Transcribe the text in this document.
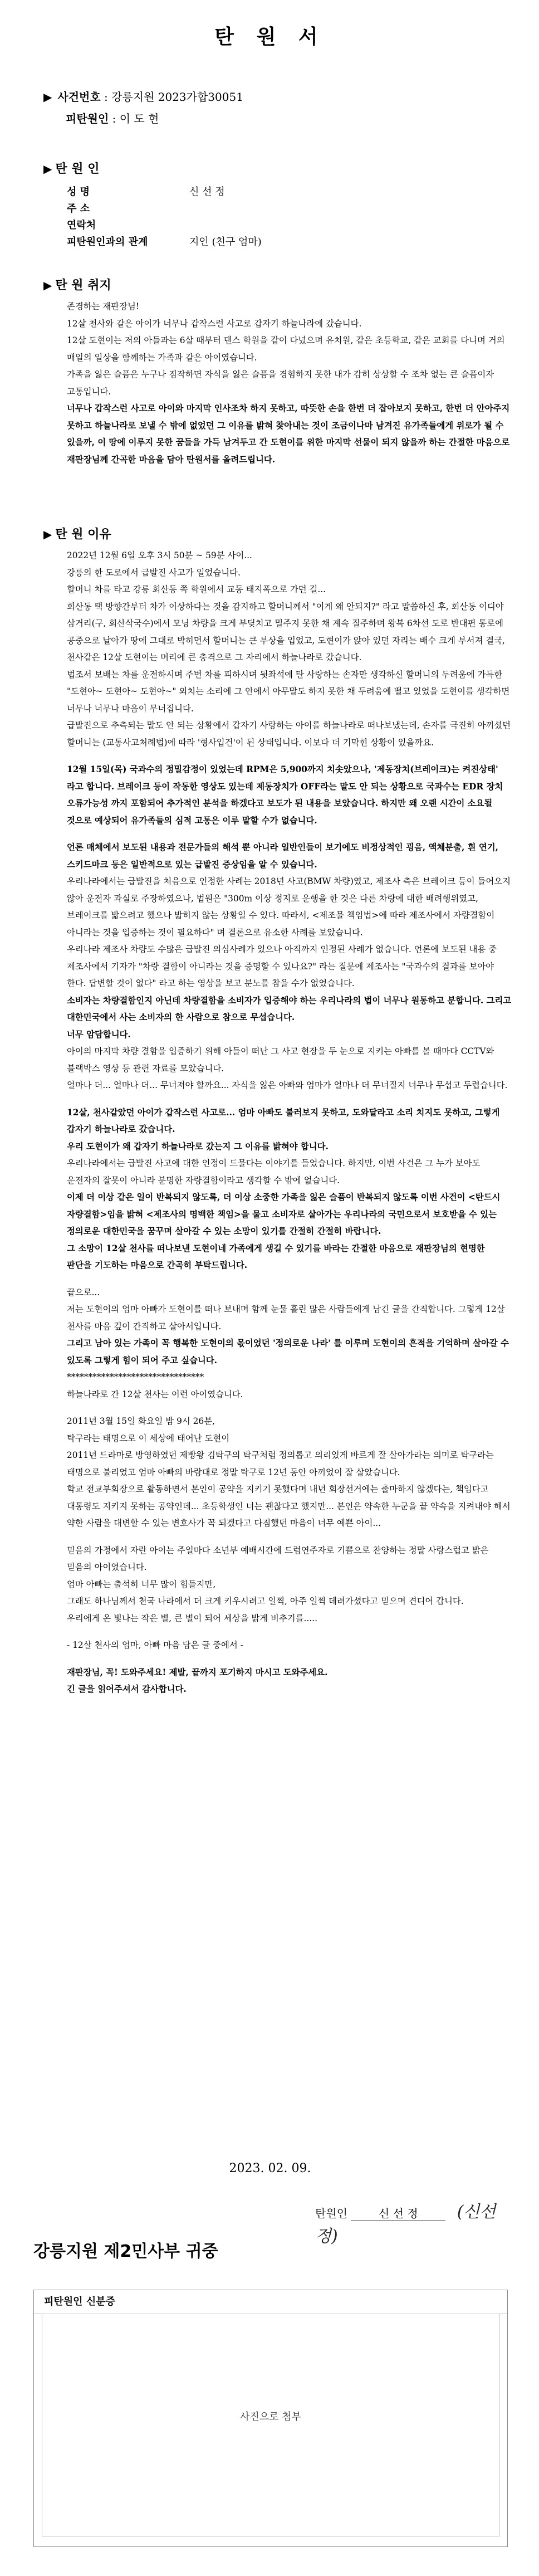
탄 원 서
▶ 사건번호 : 강릉지원 2023가합30051
피탄원인 : 이 도 현
▶ 탄 원 인
성 명	신 선 정
주 소
연락처
피탄원인과의 관계	지인 (친구 엄마)
▶ 탄 원 취지

존경하는 재판장님!
12살 천사와 같은 아이가 너무나 갑작스런 사고로 갑자기 하늘나라에 갔습니다.
12살 도현이는 저의 아들과는 6살 때부터 댄스 학원을 같이 다녔으며 유치원, 같은 초등학교, 같은 교회를 다니며 거의 매일의 일상을 함께하는 가족과 같은 아이였습니다.
가족을 잃은 슬픔은 누구나 짐작하면 자식을 잃은 슬픔을 경험하지 못한 내가 감히 상상할 수 조차 없는 큰 슬픔이자 고통입니다.

너무나 갑작스런 사고로 아이와 마지막 인사조차 하지 못하고, 따뜻한 손을 한번 더 잡아보지 못하고, 한번 더 안아주지 못하고 하늘나라로 보낼 수 밖에 없었던 그 이유를 밝혀 찾아내는 것이 조금이나마 남겨진 유가족들에게 위로가 될 수 있을까, 이 땅에 이루지 못한 꿈들을 가득 남겨두고 간 도현이를 위한 마지막 선물이 되지 않을까 하는 간절한 마음으로 재판장님께 간곡한 마음을 담아 탄원서를 올려드립니다.

▶ 탄 원 이유

2022년 12월 6일 오후 3시 50분 ~ 59분 사이...
강릉의 한 도로에서 급발진 사고가 일었습니다.
할머니 차를 타고 강릉 회산동 쪽 학원에서 교동 태지폭으로 가던 길...
회산동 택 방향간부터 차가 이상하다는 것을 감지하고 할머니께서 "이게 왜 안되지?" 라고 말씀하신 후, 회산동 이디야 삼거리(구, 회산삭국수)에서 모닝 차량을 크게 부딪치고 밀주지 못한 채 계속 질주하며 왕복 6차선 도로 반대편 통로에 공중으로 날아가 땅에 그대로 박히면서 할머니는 큰 부상을 입었고, 도현이가 앉아 있던 자리는 배수 크게 부서져 결국, 천사같은 12살 도현이는 머리에 큰 충격으로 그 자리에서 하늘나라로 갔습니다.
법조서 보배는 차를 운전하시며 주변 차를 피하시며 뒷좌석에 탄 사랑하는 손자만 생각하신 할머니의 두려움에 가득한 "도현아~ 도현아~ 도현아~" 외치는 소리에 그 안에서 아무말도 하지 못한 채 두려움에 떨고 있었을 도현이를 생각하면 너무나 너무나 마음이 무너집니다.
급발진으로 추측되는 말도 안 되는 상황에서 갑자기 사랑하는 아이를 하늘나라로 떠나보냈는데, 손자를 극진히 아끼셨던 할머니는 (교통사고처례법)에 따라 '형사입건'이 된 상태입니다. 이보다 더 기막힌 상황이 있을까요.

12월 15일(목) 국과수의 정밀감정이 있었는데 RPM은 5,900까지 치솟았으나, '제동장치(브레이크)는 켜진상태' 라고 합니다. 브레이크 등이 작동한 영상도 있는데 제동장치가 OFF라는 말도 안 되는 상황으로 국과수는 EDR 장치 오류가능성 까지 포함되어 추가적인 분석을 하겠다고 보도가 된 내용을 보았습니다. 하지만 왜 오랜 시간이 소요될 것으로 예상되어 유가족들의 심적 고통은 이루 말할 수가 없습니다.

언론 매체에서 보도된 내용과 전문가들의 해석 뿐 아니라 일반인들이 보기에도 비정상적인 굉음, 액체분출, 흰 연기, 스키드마크 등은 일반적으로 있는 급발진 증상임을 알 수 있습니다.

우리나라에서는 급발진을 처음으로 인정한 사례는 2018년 사고(BMW 차량)였고, 제조사 측은 브레이크 등이 들어오지 않아 운전자 과실로 주장하였으나, 법원은 "300m 이상 정지로 운행을 한 것은 다른 차량에 대한 배려행위였고, 브레이크를 밟으려고 했으나 밟히지 않는 상황일 수 있다. 따라서, <제조물 책임법>에 따라 제조사에서 자량결함이 아니라는 것을 입증하는 것이 필요하다" 며 결론으로 유소한 사례를 보았습니다.
우리나라 제조사 차량도 수많은 급발진 의심사례가 있으나 아직까지 인정된 사례가 없습니다. 언론에 보도된 내용 중 제조사에서 기자가 "차량 결함이 아니라는 것을 증명할 수 있나요?" 라는 질문에 제조사는 "국과수의 결과를 보아야 한다. 답변할 것이 없다" 라고 하는 영상을 보고 분노를 참을 수가 없었습니다.

소비자는 차량결함인지 아닌데 차량결함을 소비자가 입증해야 하는 우리나라의 법이 너무나 원통하고 분합니다. 그리고 대한민국에서 사는 소비자의 한 사람으로 참으로 무섭습니다.
너무 암담합니다.

아이의 마지막 차량 결함을 입증하기 위해 아들이 떠난 그 사고 현장을 두 눈으로 지키는 아빠를 볼 때마다 CCTV와 블랙박스 영상 등 관련 자료를 모았습니다.
얼마나 더... 얼마나 더... 무너져야 할까요... 자식을 잃은 아빠와 엄마가 얼마나 더 무너질지 너무나 무섭고 두렵습니다.

12살, 천사같았던 아이가 갑작스런 사고로... 엄마 아빠도 불러보지 못하고, 도와달라고 소리 치지도 못하고, 그렇게 갑자기 하늘나라로 갔습니다.
우리 도현이가 왜 갑자기 하늘나라로 갔는지 그 이유를 밝혀야 합니다.

우리나라에서는 급발진 사고에 대한 인정이 드물다는 이야기를 들었습니다. 하지만, 이번 사건은 그 누가 보아도 운전자의 잘못이 아니라 분명한 자량결함이라고 생각할 수 밖에 없습니다.

이제 더 이상 같은 일이 반복되지 않도록, 더 이상 소중한 가족을 잃은 슬픔이 반복되지 않도록 이번 사건이 <탄드시 자량결함>임을 밝혀 <제조사의 명백한 책임>을 물고 소비자로 살아가는 우리나라의 국민으로서 보호받을 수 있는 정의로운 대한민국을 꿈꾸며 살아갈 수 있는 소망이 있기를 간절히 간절히 바랍니다.
그 소망이 12살 천사를 떠나보낸 도현이네 가족에게 생길 수 있기를 바라는 간절한 마음으로 재판장님의 현명한 판단을 기도하는 마음으로 간곡히 부탁드립니다.

끝으로...
저는 도현이의 엄마 아빠가 도현이를 떠나 보내며 함께 눈물 흘린 많은 사람들에게 남긴 글을 간직합니다. 그렇게 12살 천사를 마음 깊이 간직하고 살아서입니다.

그리고 남아 있는 가족이 꼭 행복한 도현이의 몫이었던 '정의로운 나라' 를 이루며 도현이의 흔적을 기억하며 살아갈 수 있도록 그렇게 힘이 되어 주고 싶습니다.

********************************
하늘나라로 간 12살 천사는 이런 아이였습니다.

2011년 3월 15일 화요일 밤 9시 26분,
탁구라는 태명으로 이 세상에 태어난 도현이
2011년 드라마로 방영하였던 제빵왕 김탁구의 탁구처럼 정의롭고 의리있게 바르게 잘 살아가라는 의미로 탁구라는 태명으로 불리었고 엄마 아빠의 바람대로 정말 탁구로 12년 동안 아끼었이 잘 살았습니다.
학교 전교부회장으로 활동하면서 본인이 공약을 지키기 못했다며 내년 회장선거에는 출마하지 않겠다는, 책임다고 대통령도 지키지 못하는 공약인데... 초등학생인 너는 괜찮다고 했지만... 본인은 약속한 누군을 끝 약속을 지켜내야 해서 약한 사람을 대변할 수 있는 변호사가 꼭 되겠다고 다짐했던 마음이 너무 예쁜 아이...

믿음의 가정에서 자란 아이는 주일마다 소년부 예배시간에 드럼연주자로 기쁨으로 찬양하는 정말 사랑스럽고 밝은 믿음의 아이였습니다.
엄마 아빠는 출석히 너무 많이 힘들지만,
그래도 하나님께서 천국 나라에서 더 크게 키우시려고 일찍, 아주 일찍 데려가셨다고 믿으며 견디어 갑니다.
우리에게 온 빛나는 작은 별, 큰 별이 되어 세상을 밝게 비추기를.....

- 12살 천사의 엄마, 아빠 마음 담은 글 중에서 -

재판장님, 꼭! 도와주세요! 제발, 끝까지 포기하지 마시고 도와주세요.
긴 글을 읽어주셔서 감사합니다.

2023. 02. 09.
탄원인	신 선 정 (신선정)
강릉지원 제2민사부 귀중
피탄원인 신분증
사진으로 첨부
